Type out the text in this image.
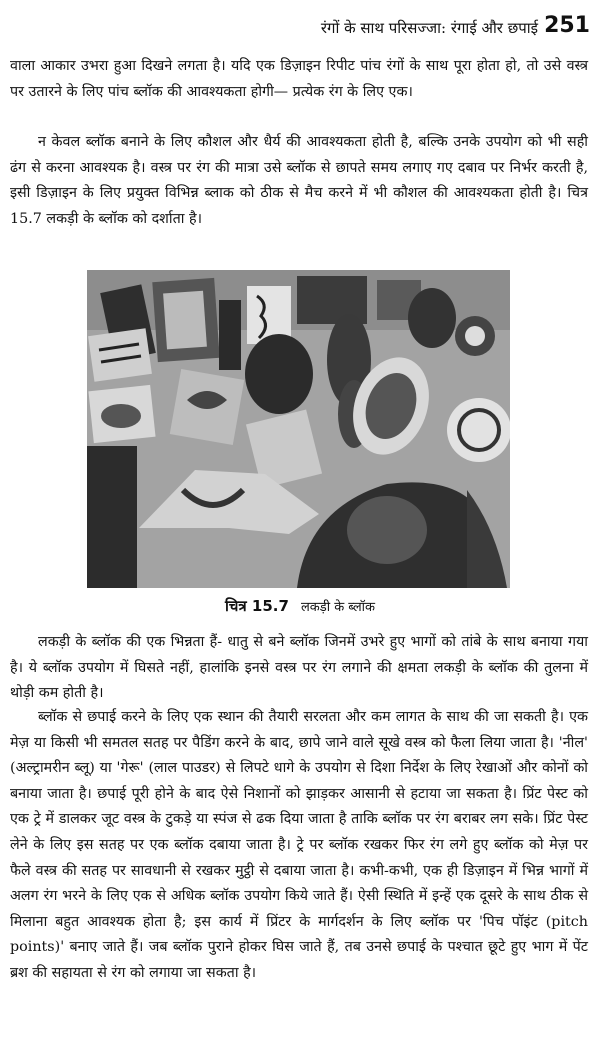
रंगों के साथ परिसज्जा: रंगाई और छपाई 251

वाला आकार उभरा हुआ दिखने लगता है। यदि एक डिज़ाइन रिपीट पांच रंगों के साथ पूरा होता हो, तो उसे वस्त्र पर उतारने के लिए पांच ब्लॉक की आवश्यकता होगी— प्रत्येक रंग के लिए एक।

न केवल ब्लॉक बनाने के लिए कौशल और धैर्य की आवश्यकता होती है, बल्कि उनके उपयोग को भी सही ढंग से करना आवश्यक है। वस्त्र पर रंग की मात्रा उसे ब्लॉक से छापते समय लगाए गए दबाव पर निर्भर करती है, इसी डिज़ाइन के लिए प्रयुक्त विभिन्न ब्लाक को ठीक से मैच करने में भी कौशल की आवश्यकता होती है। चित्र 15.7 लकड़ी के ब्लॉक को दर्शाता है।

चित्र 15.7 लकड़ी के ब्लॉक

लकड़ी के ब्लॉक की एक भिन्नता हैं- धातु से बने ब्लॉक जिनमें उभरे हुए भागों को तांबे के साथ बनाया गया है। ये ब्लॉक उपयोग में घिसते नहीं, हालांकि इनसे वस्त्र पर रंग लगाने की क्षमता लकड़ी के ब्लॉक की तुलना में थोड़ी कम होती है।

ब्लॉक से छपाई करने के लिए एक स्थान की तैयारी सरलता और कम लागत के साथ की जा सकती है। एक मेज़ या किसी भी समतल सतह पर पैडिंग करने के बाद, छापे जाने वाले सूखे वस्त्र को फैला लिया जाता है। 'नील' (अल्ट्रामरीन ब्लू) या 'गेरू' (लाल पाउडर) से लिपटे धागे के उपयोग से दिशा निर्देश के लिए रेखाओं और कोनों को बनाया जाता है। छपाई पूरी होने के बाद ऐसे निशानों को झाड़कर आसानी से हटाया जा सकता है। प्रिंट पेस्ट को एक ट्रे में डालकर जूट वस्त्र के टुकड़े या स्पंज से ढक दिया जाता है ताकि ब्लॉक पर रंग बराबर लग सके। प्रिंट पेस्ट लेने के लिए इस सतह पर एक ब्लॉक दबाया जाता है। ट्रे पर ब्लॉक रखकर फिर रंग लगे हुए ब्लॉक को मेज़ पर फैले वस्त्र की सतह पर सावधानी से रखकर मुट्ठी से दबाया जाता है। कभी-कभी, एक ही डिज़ाइन में भिन्न भागों में अलग रंग भरने के लिए एक से अधिक ब्लॉक उपयोग किये जाते हैं। ऐसी स्थिति में इन्हें एक दूसरे के साथ ठीक से मिलाना बहुत आवश्यक होता है; इस कार्य में प्रिंटर के मार्गदर्शन के लिए ब्लॉक पर 'पिच पॉइंट (pitch points)' बनाए जाते हैं। जब ब्लॉक पुराने होकर घिस जाते हैं, तब उनसे छपाई के पश्चात छूटे हुए भाग में पेंट ब्रश की सहायता से रंग को लगाया जा सकता है।
